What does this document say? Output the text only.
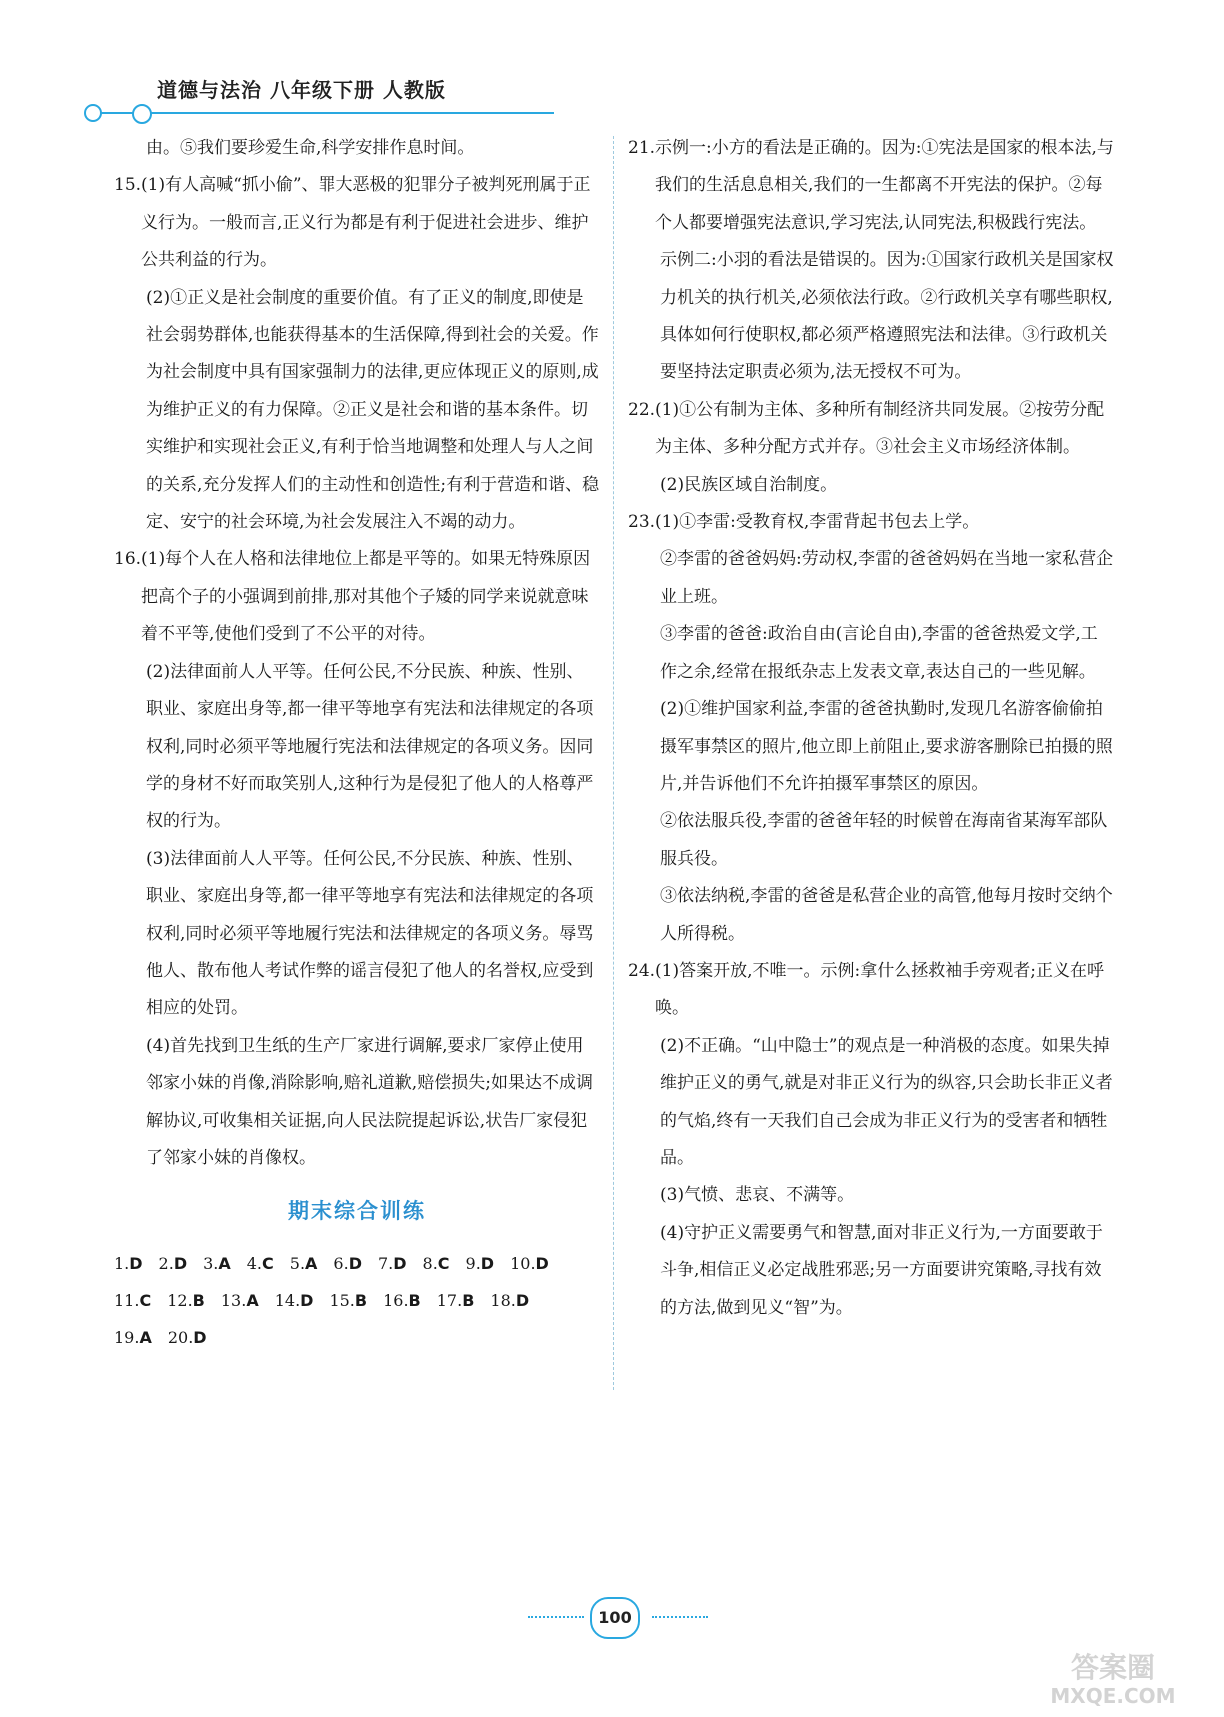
道德与法治 八年级下册 人教版
由。⑤我们要珍爱生命,科学安排作息时间。
15. (1)有人高喊“抓小偷”、罪大恶极的犯罪分子被判死刑属于正义行为。一般而言,正义行为都是有利于促进社会进步、维护公共利益的行为。
(2)①正义是社会制度的重要价值。有了正义的制度,即使是社会弱势群体,也能获得基本的生活保障,得到社会的关爱。作为社会制度中具有国家强制力的法律,更应体现正义的原则,成为维护正义的有力保障。②正义是社会和谐的基本条件。切实维护和实现社会正义,有利于恰当地调整和处理人与人之间的关系,充分发挥人们的主动性和创造性;有利于营造和谐、稳定、安宁的社会环境,为社会发展注入不竭的动力。
16. (1)每个人在人格和法律地位上都是平等的。如果无特殊原因把高个子的小强调到前排,那对其他个子矮的同学来说就意味着不平等,使他们受到了不公平的对待。
(2)法律面前人人平等。任何公民,不分民族、种族、性别、职业、家庭出身等,都一律平等地享有宪法和法律规定的各项权利,同时必须平等地履行宪法和法律规定的各项义务。因同学的身材不好而取笑别人,这种行为是侵犯了他人的人格尊严权的行为。
(3)法律面前人人平等。任何公民,不分民族、种族、性别、职业、家庭出身等,都一律平等地享有宪法和法律规定的各项权利,同时必须平等地履行宪法和法律规定的各项义务。辱骂他人、散布他人考试作弊的谣言侵犯了他人的名誉权,应受到相应的处罚。
(4)首先找到卫生纸的生产厂家进行调解,要求厂家停止使用邻家小妹的肖像,消除影响,赔礼道歉,赔偿损失;如果达不成调解协议,可收集相关证据,向人民法院提起诉讼,状告厂家侵犯了邻家小妹的肖像权。
期末综合训练
1.D 2.D 3.A 4.C 5.A 6.D 7.D 8.C 9.D 10.D
11.C 12.B 13.A 14.D 15.B 16.B 17.B 18.D
19.A 20.D
21. 示例一:小方的看法是正确的。因为:①宪法是国家的根本法,与我们的生活息息相关,我们的一生都离不开宪法的保护。②每个人都要增强宪法意识,学习宪法,认同宪法,积极践行宪法。
示例二:小羽的看法是错误的。因为:①国家行政机关是国家权力机关的执行机关,必须依法行政。②行政机关享有哪些职权,具体如何行使职权,都必须严格遵照宪法和法律。③行政机关要坚持法定职责必须为,法无授权不可为。
22. (1)①公有制为主体、多种所有制经济共同发展。②按劳分配为主体、多种分配方式并存。③社会主义市场经济体制。
(2)民族区域自治制度。
23. (1)①李雷:受教育权,李雷背起书包去上学。
②李雷的爸爸妈妈:劳动权,李雷的爸爸妈妈在当地一家私营企业上班。
③李雷的爸爸:政治自由(言论自由),李雷的爸爸热爱文学,工作之余,经常在报纸杂志上发表文章,表达自己的一些见解。
(2)①维护国家利益,李雷的爸爸执勤时,发现几名游客偷偷拍摄军事禁区的照片,他立即上前阻止,要求游客删除已拍摄的照片,并告诉他们不允许拍摄军事禁区的原因。
②依法服兵役,李雷的爸爸年轻的时候曾在海南省某海军部队服兵役。
③依法纳税,李雷的爸爸是私营企业的高管,他每月按时交纳个人所得税。
24. (1)答案开放,不唯一。示例:拿什么拯救袖手旁观者;正义在呼唤。
(2)不正确。“山中隐士”的观点是一种消极的态度。如果失掉维护正义的勇气,就是对非正义行为的纵容,只会助长非正义者的气焰,终有一天我们自己会成为非正义行为的受害者和牺牲品。
(3)气愤、悲哀、不满等。
(4)守护正义需要勇气和智慧,面对非正义行为,一方面要敢于斗争,相信正义必定战胜邪恶;另一方面要讲究策略,寻找有效的方法,做到见义“智”为。
100
答案圈
MXQE.COM
